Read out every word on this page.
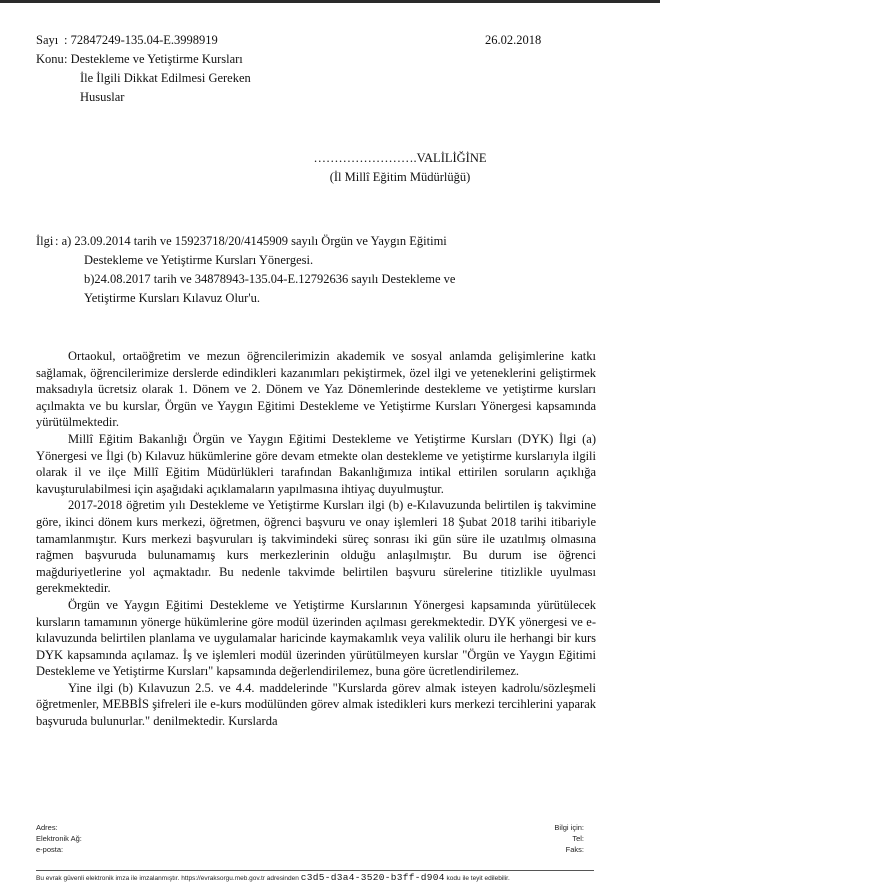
Sayı : 72847249-135.04-E.3998919	26.02.2018
Konu : Destekleme ve Yetiştirme Kursları
İle İlgili Dikkat Edilmesi Gereken
Hususlar
…………………….VALİLİĞİNE
(İl Millî Eğitim Müdürlüğü)
İlgi : a) 23.09.2014 tarih ve 15923718/20/4145909 sayılı Örgün ve Yaygın Eğitimi
Destekleme ve Yetiştirme Kursları Yönergesi.
b)24.08.2017 tarih ve 34878943-135.04-E.12792636 sayılı Destekleme ve
Yetiştirme Kursları Kılavuz Olur'u.

Ortaokul, ortaöğretim ve mezun öğrencilerimizin akademik ve sosyal anlamda gelişimlerine katkı sağlamak, öğrencilerimize derslerde edindikleri kazanımları pekiştirmek, özel ilgi ve yeteneklerini geliştirmek maksadıyla ücretsiz olarak 1. Dönem ve 2. Dönem ve Yaz Dönemlerinde destekleme ve yetiştirme kursları açılmakta ve bu kurslar, Örgün ve Yaygın Eğitimi Destekleme ve Yetiştirme Kursları Yönergesi kapsamında yürütülmektedir.

Millî Eğitim Bakanlığı Örgün ve Yaygın Eğitimi Destekleme ve Yetiştirme Kursları (DYK) İlgi (a) Yönergesi ve İlgi (b) Kılavuz hükümlerine göre devam etmekte olan destekleme ve yetiştirme kurslarıyla ilgili olarak il ve ilçe Millî Eğitim Müdürlükleri tarafından Bakanlığımıza intikal ettirilen soruların açıklığa kavuşturulabilmesi için aşağıdaki açıklamaların yapılmasına ihtiyaç duyulmuştur.

2017-2018 öğretim yılı Destekleme ve Yetiştirme Kursları ilgi (b) e-Kılavuzunda belirtilen iş takvimine göre, ikinci dönem kurs merkezi, öğretmen, öğrenci başvuru ve onay işlemleri 18 Şubat 2018 tarihi itibariyle tamamlanmıştır. Kurs merkezi başvuruları iş takvimindeki süreç sonrası iki gün süre ile uzatılmış olmasına rağmen başvuruda bulunamamış kurs merkezlerinin olduğu anlaşılmıştır. Bu durum ise öğrenci mağduriyetlerine yol açmaktadır. Bu nedenle takvimde belirtilen başvuru sürelerine titizlikle uyulması gerekmektedir.

Örgün ve Yaygın Eğitimi Destekleme ve Yetiştirme Kurslarının Yönergesi kapsamında yürütülecek kursların tamamının yönerge hükümlerine göre modül üzerinden açılması gerekmektedir. DYK yönergesi ve e-kılavuzunda belirtilen planlama ve uygulamalar haricinde kaymakamlık veya valilik oluru ile herhangi bir kurs DYK kapsamında açılamaz. İş ve işlemleri modül üzerinden yürütülmeyen kurslar "Örgün ve Yaygın Eğitimi Destekleme ve Yetiştirme Kursları" kapsamında değerlendirilemez, buna göre ücretlendirilemez.

Yine ilgi (b) Kılavuzun 2.5. ve 4.4. maddelerinde "Kurslarda görev almak isteyen kadrolu/sözleşmeli öğretmenler, MEBBİS şifreleri ile e-kurs modülünden görev almak istedikleri kurs merkezi tercihlerini yaparak başvuruda bulunurlar." denilmektedir. Kurslarda

Adres:	Bilgi için:
Elektronik Ağ:	Tel:
e-posta:	Faks:
Bu evrak güvenli elektronik imza ile imzalanmıştır. https://evraksorgu.meb.gov.tr adresinden c3d5-d3a4-3520-b3ff-d904 kodu ile teyit edilebilir.
